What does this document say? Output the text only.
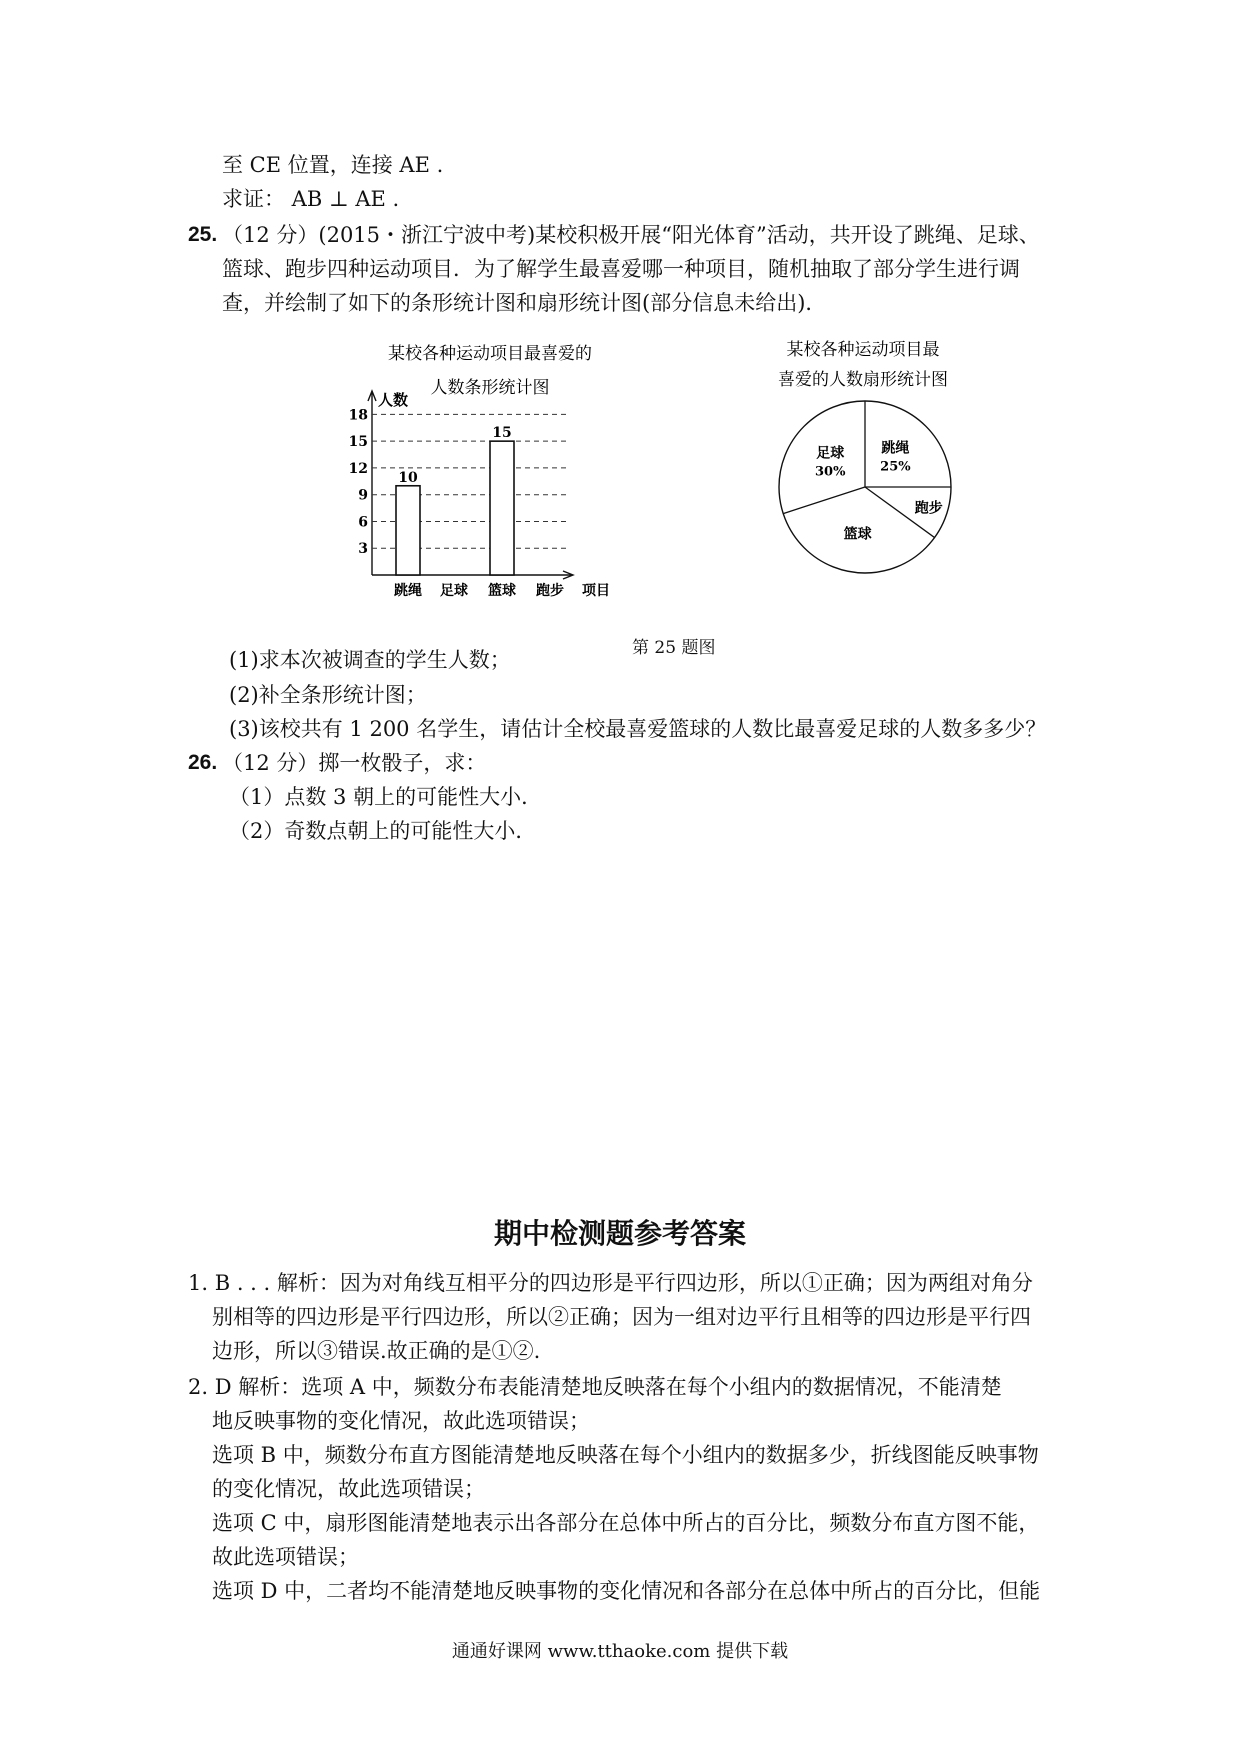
至 CE 位置，连接 AE .
求证： AB ⊥ AE .
25. （12 分）(2015・浙江宁波中考)某校积极开展“阳光体育”活动，共开设了跳绳、足球、
篮球、跑步四种运动项目．为了解学生最喜爱哪一种项目，随机抽取了部分学生进行调
查，并绘制了如下的条形统计图和扇形统计图(部分信息未给出)．
某校各种运动项目最喜爱的
人数条形统计图
人数
3
6
9
12
15
18
10
跳绳 足球
15
篮球 跑步 项目
某校各种运动项目最
喜爱的人数扇形统计图
跳绳
25%
跑步
篮球
足球
30%
第 25 题图
(1)求本次被调查的学生人数；
(2)补全条形统计图；
(3)该校共有 1 200 名学生，请估计全校最喜爱篮球的人数比最喜爱足球的人数多多少？
26. （12 分）掷一枚骰子，求：
（1）点数 3 朝上的可能性大小．
（2）奇数点朝上的可能性大小．
期中检测题参考答案
1. B . . . 解析：因为对角线互相平分的四边形是平行四边形，所以①正确；因为两组对角分
别相等的四边形是平行四边形，所以②正确；因为一组对边平行且相等的四边形是平行四
边形，所以③错误.故正确的是①②.
2. D 解析：选项 A 中，频数分布表能清楚地反映落在每个小组内的数据情况，不能清楚
地反映事物的变化情况，故此选项错误；
选项 B 中，频数分布直方图能清楚地反映落在每个小组内的数据多少，折线图能反映事物
的变化情况，故此选项错误；
选项 C 中，扇形图能清楚地表示出各部分在总体中所占的百分比，频数分布直方图不能，
故此选项错误；
选项 D 中，二者均不能清楚地反映事物的变化情况和各部分在总体中所占的百分比，但能
通通好课网 www.tthaoke.com 提供下载
